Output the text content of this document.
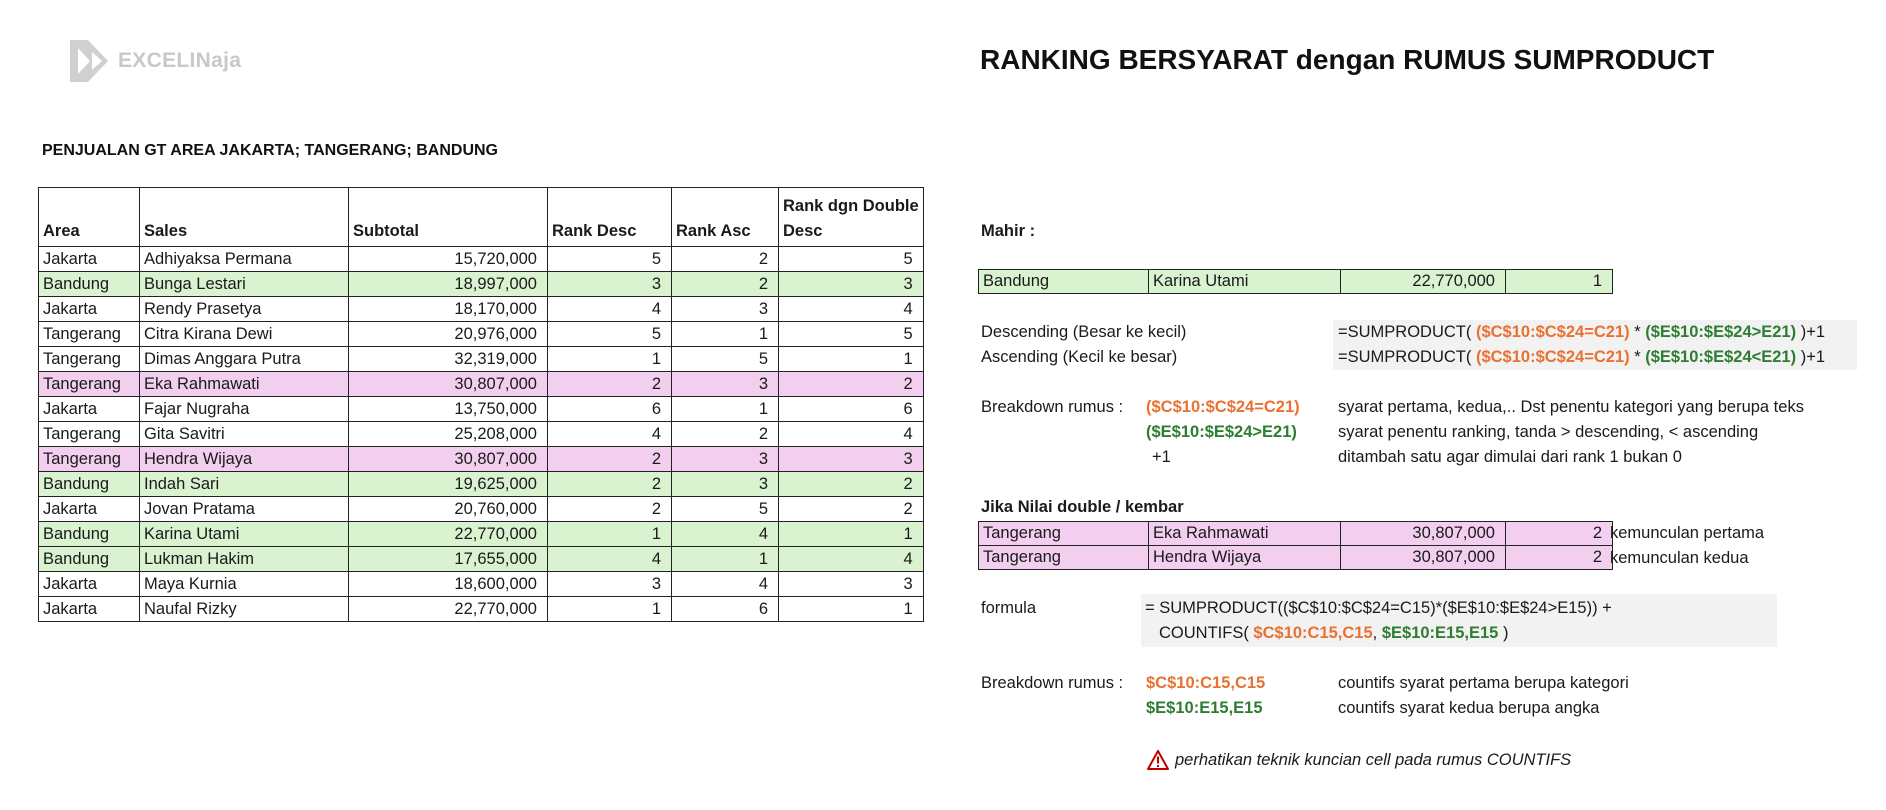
EXCELINaja	RANKING BERSYARAT dengan RUMUS SUMPRODUCT
PENJUALAN GT AREA JAKARTA; TANGERANG; BANDUNG
Area	Sales	Subtotal	Rank Desc	Rank Asc	Rank dgn Double
Desc
Jakarta	Adhiyaksa Permana	15,720,000	5	2	5
Bandung	Bunga Lestari	18,997,000	3	2	3
Jakarta	Rendy Prasetya	18,170,000	4	3	4
Tangerang	Citra Kirana Dewi	20,976,000	5	1	5
Tangerang	Dimas Anggara Putra	32,319,000	1	5	1
Tangerang	Eka Rahmawati	30,807,000	2	3	2
Jakarta	Fajar Nugraha	13,750,000	6	1	6
Tangerang	Gita Savitri	25,208,000	4	2	4
Tangerang	Hendra Wijaya	30,807,000	2	3	3
Bandung	Indah Sari	19,625,000	2	3	2
Jakarta	Jovan Pratama	20,760,000	2	5	2
Bandung	Karina Utami	22,770,000	1	4	1
Bandung	Lukman Hakim	17,655,000	4	1	4
Jakarta	Maya Kurnia	18,600,000	3	4	3
Jakarta	Naufal Rizky	22,770,000	1	6	1
Mahir :
Bandung	Karina Utami	22,770,000	1
Descending (Besar ke kecil)
Ascending (Kecil ke besar)
=SUMPRODUCT( ($C$10:$C$24=C21) * ($E$10:$E$24>E21) )+1
=SUMPRODUCT( ($C$10:$C$24=C21) * ($E$10:$E$24<E21) )+1
Breakdown rumus : ($C$10:$C$24=C21)
($E$10:$E$24>E21)
+1
syarat pertama, kedua,.. Dst penentu kategori yang berupa teks
syarat penentu ranking, tanda > descending, < ascending
ditambah satu agar dimulai dari rank 1 bukan 0
Jika Nilai double / kembar
Tangerang	Eka Rahmawati	30,807,000	2
Tangerang	Hendra Wijaya	30,807,000	2
kemunculan pertama
kemunculan kedua
formula	= SUMPRODUCT(($C$10:$C$24=C15)*($E$10:$E$24>E15)) +
COUNTIFS( $C$10:C15,C15, $E$10:E15,E15 )
Breakdown rumus : $C$10:C15,C15
$E$10:E15,E15
countifs syarat pertama berupa kategori
countifs syarat kedua berupa angka
perhatikan teknik kuncian cell pada rumus COUNTIFS
